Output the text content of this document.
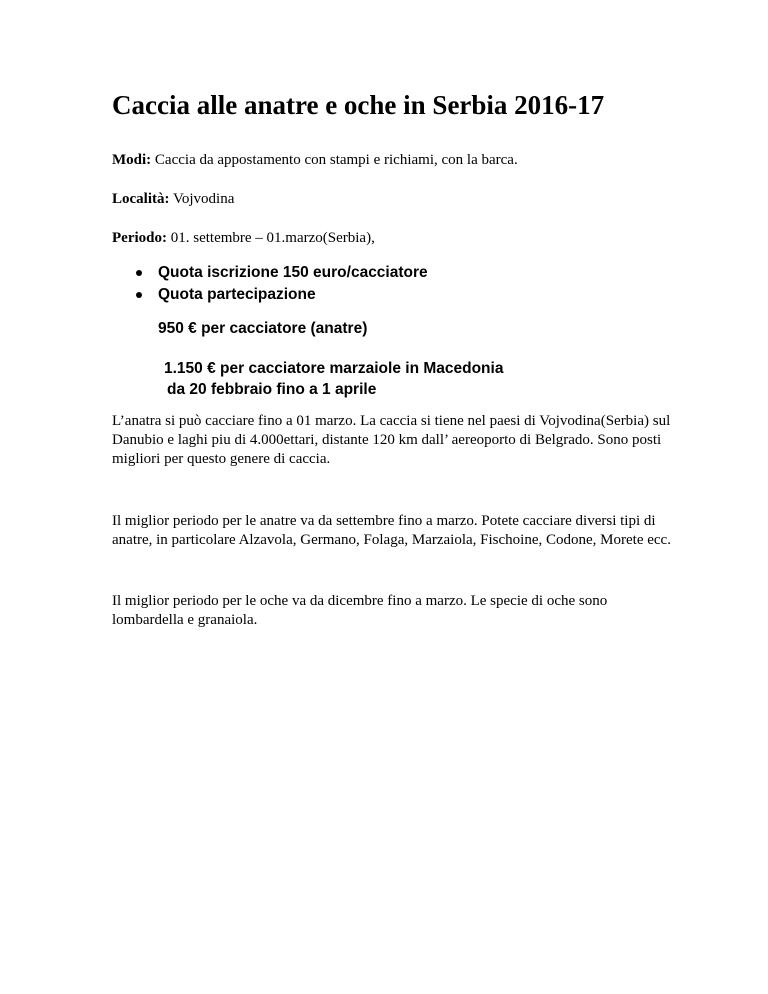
Caccia alle anatre e oche in Serbia 2016-17

Modi: Caccia da appostamento con stampi e richiami, con la barca.

Località: Vojvodina

Periodo: 01. settembre – 01.marzo(Serbia),

Quota iscrizione 150 euro/cacciatore
Quota partecipazione

950 € per cacciatore (anatre)

1.150 € per cacciatore marzaiole in Macedonia

da 20 febbraio fino a 1 aprile

L’anatra si può cacciare fino a 01 marzo. La caccia si tiene nel paesi di Vojvodina(Serbia) sul Danubio e laghi piu di 4.000ettari, distante 120 km dall’ aereoporto di Belgrado. Sono posti migliori per questo genere di caccia.

Il miglior periodo per le anatre va da settembre fino a marzo. Potete cacciare diversi tipi di anatre, in particolare Alzavola, Germano, Folaga, Marzaiola, Fischoine, Codone, Morete ecc.

Il miglior periodo per le oche va da dicembre fino a marzo. Le specie di oche sono lombardella e granaiola.
